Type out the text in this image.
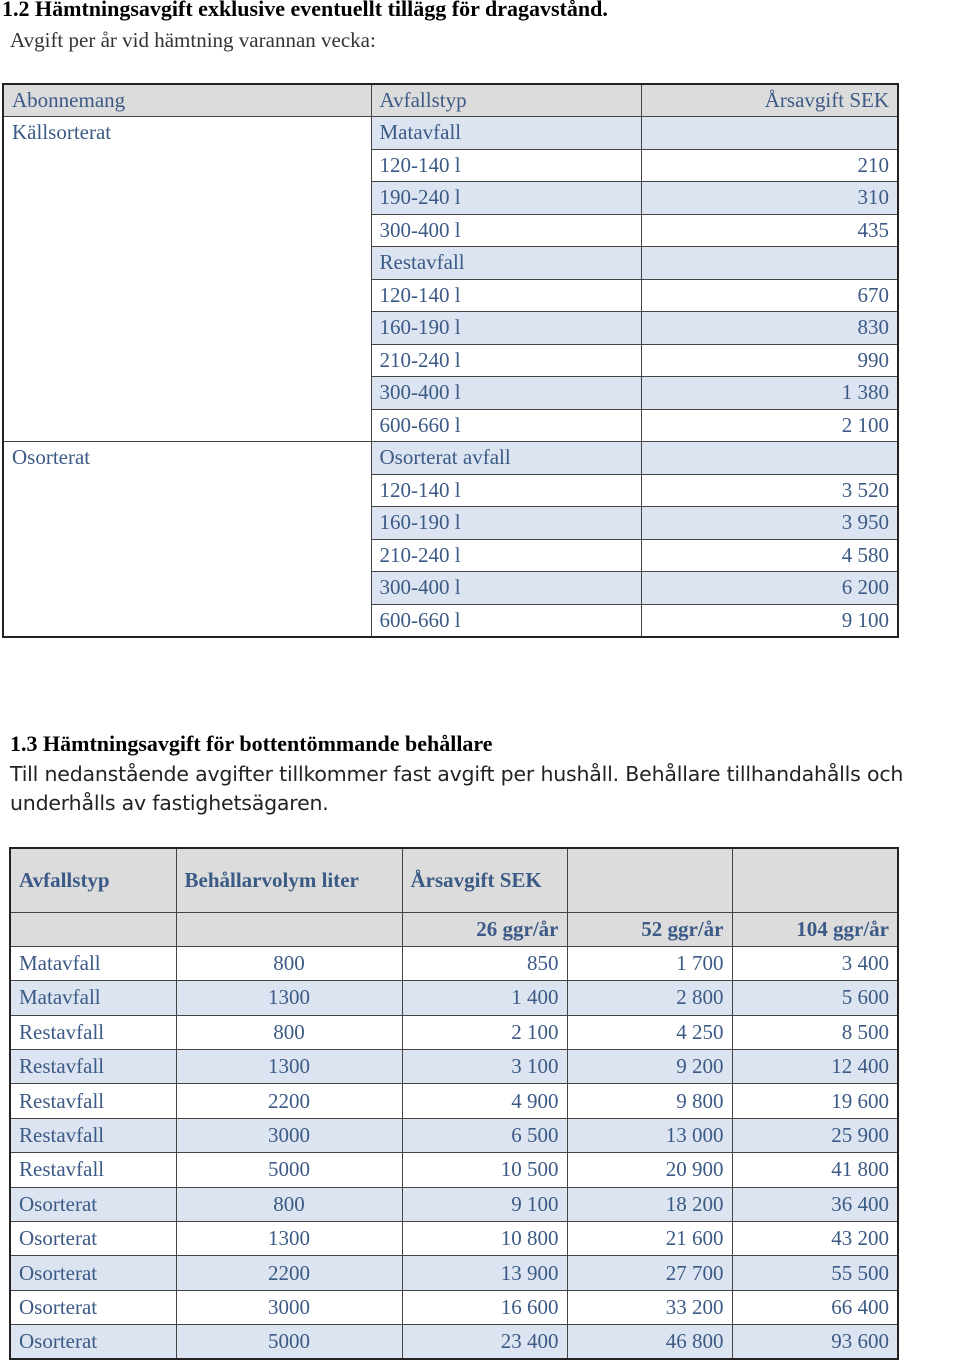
1.2 Hämtningsavgift exklusive eventuellt tillägg för dragavstånd.
Avgift per år vid hämtning varannan vecka:
Abonnemang	Avfallstyp	Årsavgift SEK
Källsorterat	Matavfall	
	120-140 l	210
	190-240 l	310
	300-400 l	435
	Restavfall	
	120-140 l	670
	160-190 l	830
	210-240 l	990
	300-400 l	1 380
	600-660 l	2 100
Osorterat	Osorterat avfall	
	120-140 l	3 520
	160-190 l	3 950
	210-240 l	4 580
	300-400 l	6 200
	600-660 l	9 100
1.3 Hämtningsavgift för bottentömmande behållare
Till nedanstående avgifter tillkommer fast avgift per hushåll. Behållare tillhandahålls och underhålls av fastighetsägaren.
Avfallstyp	Behållarvolym liter	Årsavgift SEK		
		26 ggr/år	52 ggr/år	104 ggr/år
Matavfall	800	850	1 700	3 400
Matavfall	1300	1 400	2 800	5 600
Restavfall	800	2 100	4 250	8 500
Restavfall	1300	3 100	9 200	12 400
Restavfall	2200	4 900	9 800	19 600
Restavfall	3000	6 500	13 000	25 900
Restavfall	5000	10 500	20 900	41 800
Osorterat	800	9 100	18 200	36 400
Osorterat	1300	10 800	21 600	43 200
Osorterat	2200	13 900	27 700	55 500
Osorterat	3000	16 600	33 200	66 400
Osorterat	5000	23 400	46 800	93 600
